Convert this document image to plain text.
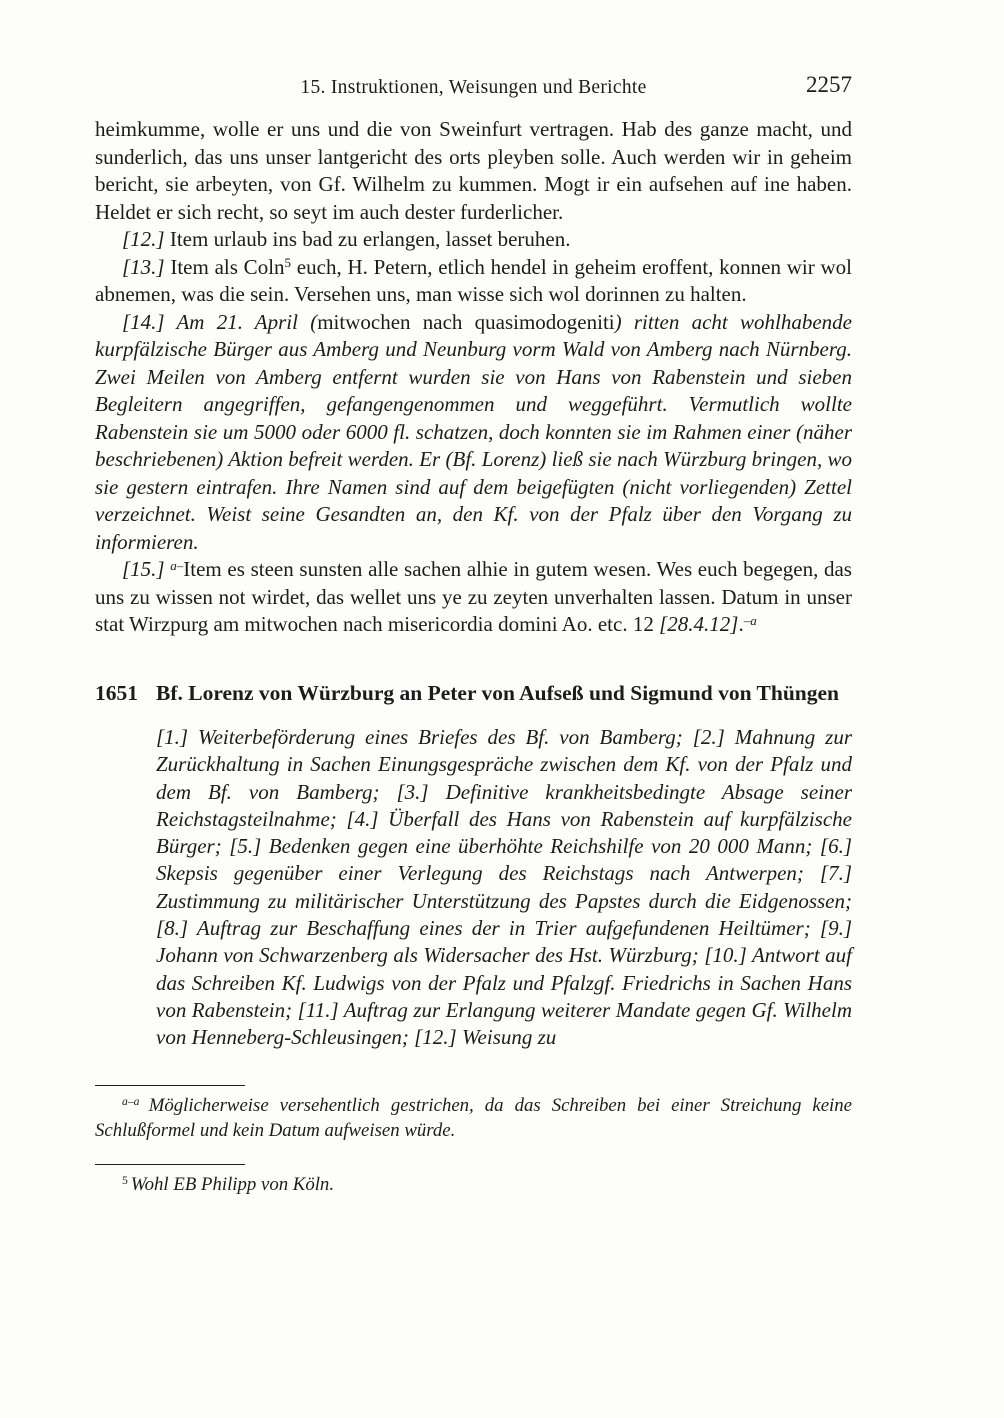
15. Instruktionen, Weisungen und Berichte	2257

heimkumme, wolle er uns und die von Sweinfurt vertragen. Hab des ganze macht, und sunderlich, das uns unser lantgericht des orts pleyben solle. Auch werden wir in geheim bericht, sie arbeyten, von Gf. Wilhelm zu kummen. Mogt ir ein aufsehen auf ine haben. Heldet er sich recht, so seyt im auch dester furderlicher.

[12.] Item urlaub ins bad zu erlangen, lasset beruhen.

[13.] Item als Coln$^5$ euch, H. Petern, etlich hendel in geheim eroffent, konnen wir wol abnemen, was die sein. Versehen uns, man wisse sich wol dorinnen zu halten.

[14.] Am 21. April (mitwochen nach quasimodogeniti) ritten acht wohlhabende kurpfälzische Bürger aus Amberg und Neunburg vorm Wald von Amberg nach Nürnberg. Zwei Meilen von Amberg entfernt wurden sie von Hans von Rabenstein und sieben Begleitern angegriffen, gefangengenommen und weggeführt. Vermutlich wollte Rabenstein sie um 5000 oder 6000 fl. schatzen, doch konnten sie im Rahmen einer (näher beschriebenen) Aktion befreit werden. Er (Bf. Lorenz) ließ sie nach Würzburg bringen, wo sie gestern eintrafen. Ihre Namen sind auf dem beigefügten (nicht vorliegenden) Zettel verzeichnet. Weist seine Gesandten an, den Kf. von der Pfalz über den Vorgang zu informieren.

[15.] $^{a-}$Item es steen sunsten alle sachen alhie in gutem wesen. Wes euch begegen, das uns zu wissen not wirdet, das wellet uns ye zu zeyten unverhalten lassen. Datum in unser stat Wirzpurg am mitwochen nach misericordia domini Ao. etc. 12 [28.4.12].$^{-a}$

1651 Bf. Lorenz von Würzburg an Peter von Aufseß und Sigmund von Thüngen

[1.] Weiterbeförderung eines Briefes des Bf. von Bamberg; [2.] Mahnung zur Zurückhaltung in Sachen Einungsgespräche zwischen dem Kf. von der Pfalz und dem Bf. von Bamberg; [3.] Definitive krankheitsbedingte Absage seiner Reichstagsteilnahme; [4.] Überfall des Hans von Rabenstein auf kurpfälzische Bürger; [5.] Bedenken gegen eine überhöhte Reichshilfe von 20 000 Mann; [6.] Skepsis gegenüber einer Verlegung des Reichstags nach Antwerpen; [7.] Zustimmung zu militärischer Unterstützung des Papstes durch die Eidgenossen; [8.] Auftrag zur Beschaffung eines der in Trier aufgefundenen Heiltümer; [9.] Johann von Schwarzenberg als Widersacher des Hst. Würzburg; [10.] Antwort auf das Schreiben Kf. Ludwigs von der Pfalz und Pfalzgf. Friedrichs in Sachen Hans von Rabenstein; [11.] Auftrag zur Erlangung weiterer Mandate gegen Gf. Wilhelm von Henneberg-Schleusingen; [12.] Weisung zu

$^{a-a}$ Möglicherweise versehentlich gestrichen, da das Schreiben bei einer Streichung keine Schlußformel und kein Datum aufweisen würde.

$^5$ Wohl EB Philipp von Köln.
